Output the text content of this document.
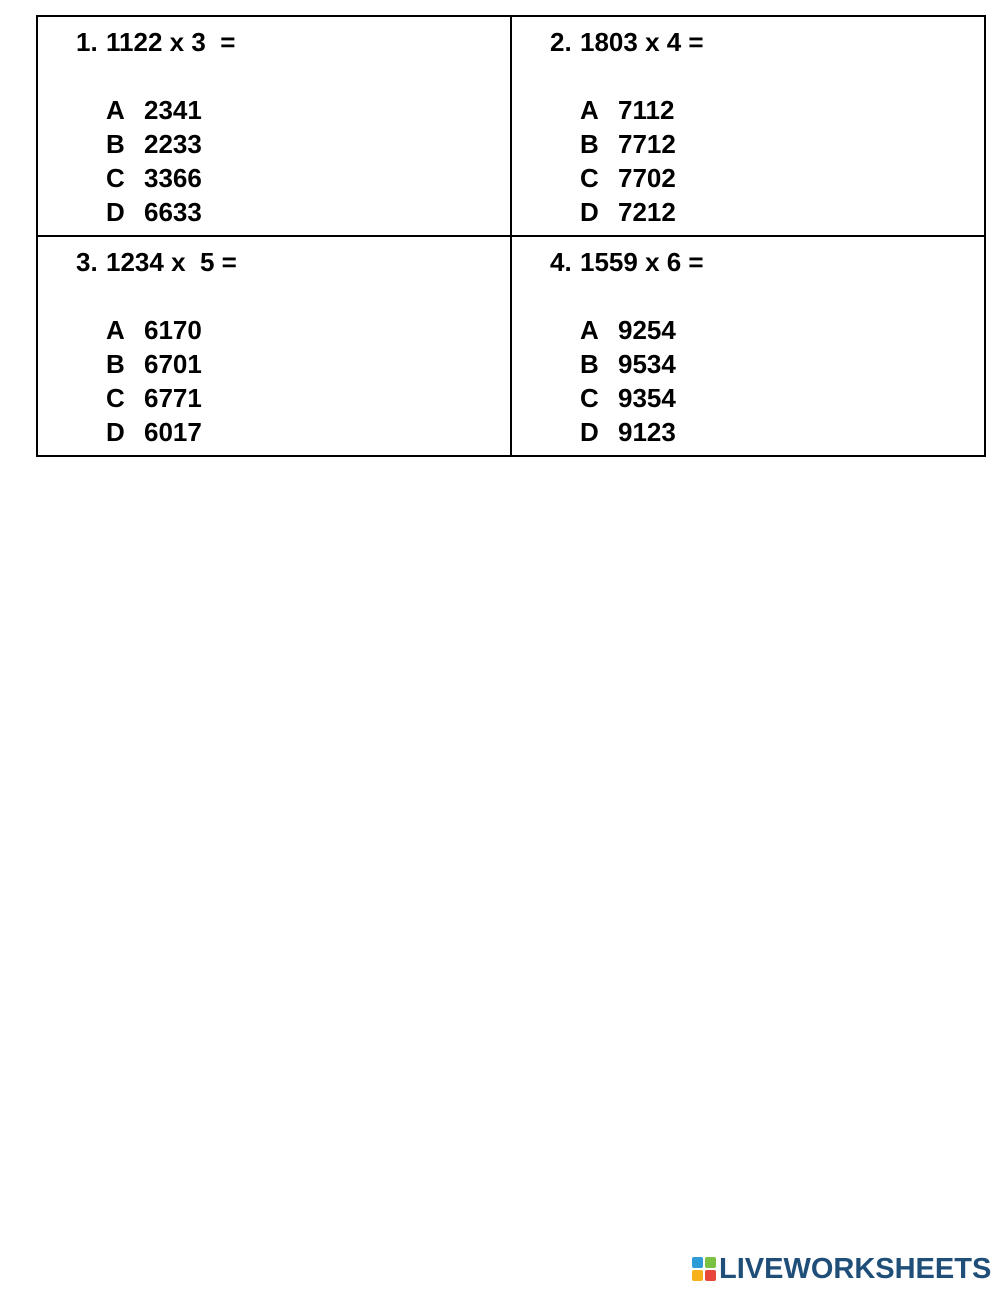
1. 1122 x 3  =
A 2341
B 2233
C 3366
D 6633
2. 1803 x 4 =
A 7112
B 7712
C 7702
D 7212
3. 1234 x  5 =
A 6170
B 6701
C 6771
D 6017
4. 1559 x 6 =
A 9254
B 9534
C 9354
D 9123
LIVEWORKSHEETS
